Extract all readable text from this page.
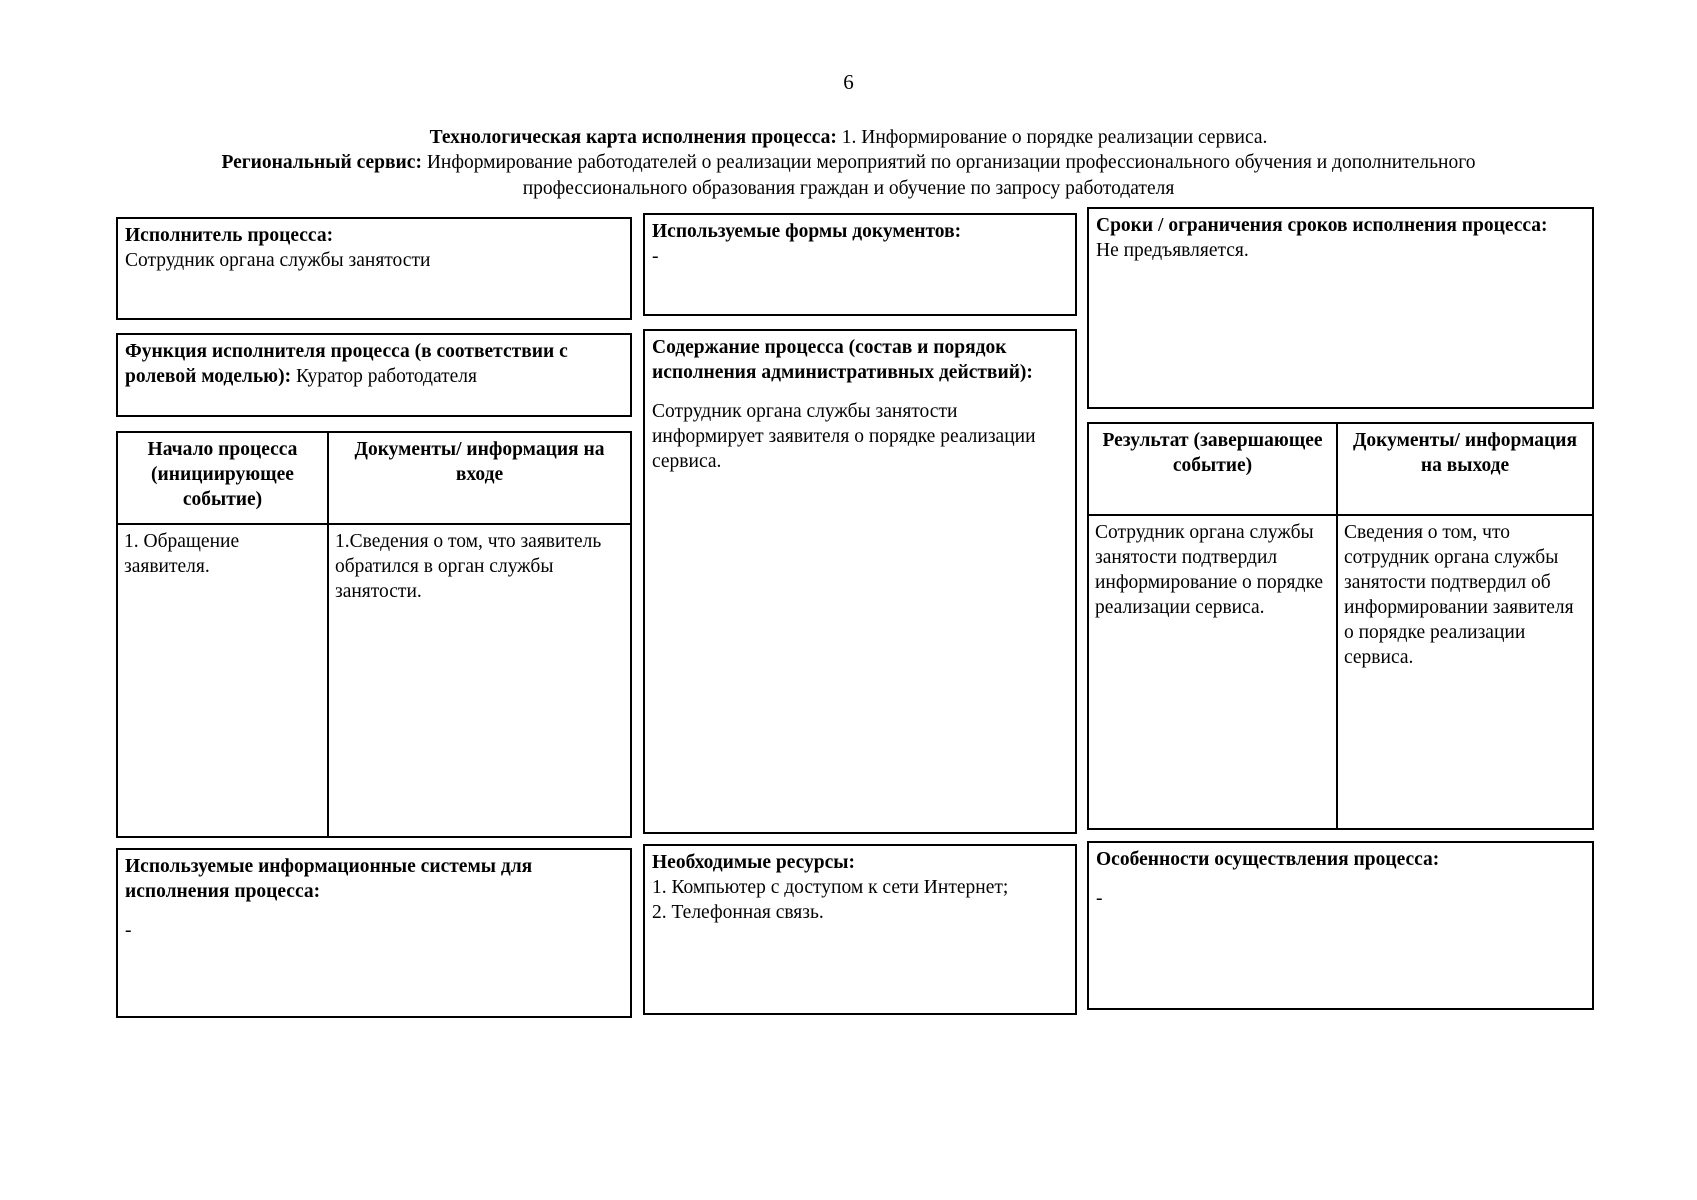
6
Технологическая карта исполнения процесса: 1. Информирование о порядке реализации сервиса.
Региональный сервис: Информирование работодателей о реализации мероприятий по организации профессионального обучения и дополнительного
профессионального образования граждан и обучение по запросу работодателя
Исполнитель процесса:
Сотрудник органа службы занятости
Функция исполнителя процесса (в соответствии с ролевой моделью): Куратор работодателя
Начало процесса (инициирующее событие)
Документы/ информация на входе
1. Обращение заявителя.
1.Сведения о том, что заявитель обратился в орган службы занятости.
Используемые информационные системы для исполнения процесса:
-
Используемые формы документов:
-
Содержание процесса (состав и порядок исполнения административных действий):
Сотрудник органа службы занятости информирует заявителя о порядке реализации сервиса.
Необходимые ресурсы:
1. Компьютер с доступом к сети Интернет;
2. Телефонная связь.
Сроки / ограничения сроков исполнения процесса:
Не предъявляется.
Результат (завершающее событие)
Документы/ информация на выходе
Сотрудник органа службы занятости подтвердил информирование о порядке реализации сервиса.
Сведения о том, что сотрудник органа службы занятости подтвердил об информировании заявителя о порядке реализации сервиса.
Особенности осуществления процесса:
-
